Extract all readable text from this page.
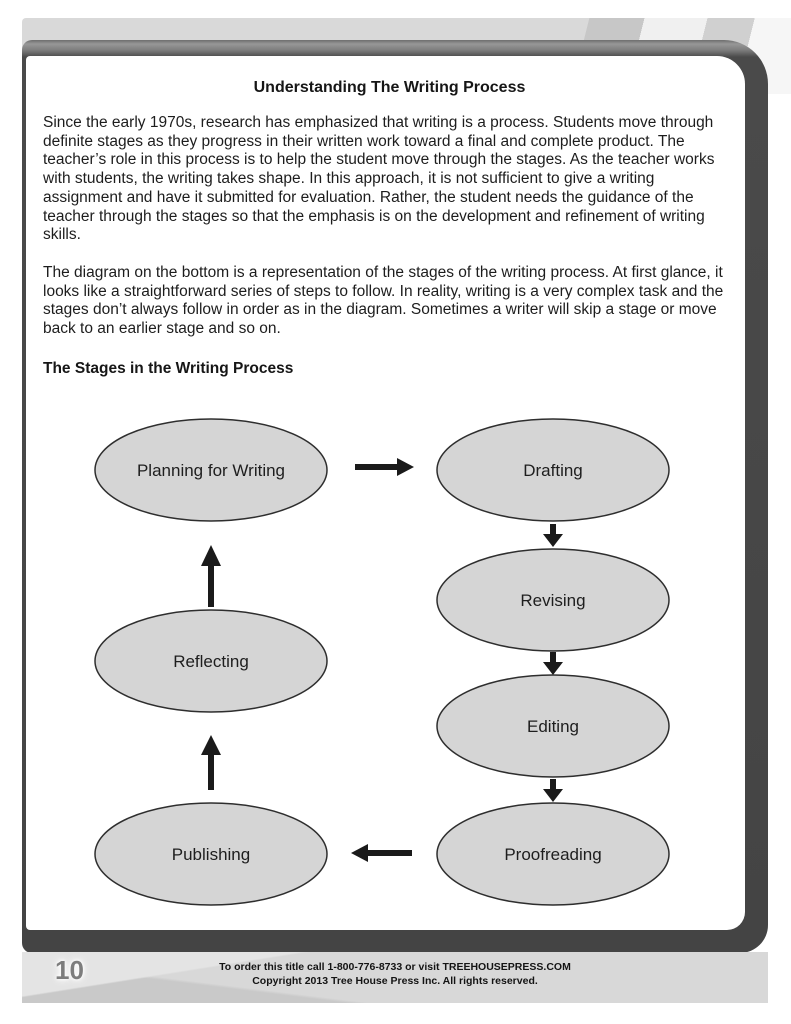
Understanding The Writing Process

Since the early 1970s, research has emphasized that writing is a process. Students move through definite stages as they progress in their written work toward a final and complete product. The teacher’s role in this process is to help the student move through the stages. As the teacher works with students, the writing takes shape. In this approach, it is not sufficient to give a writing assignment and have it submitted for evaluation. Rather, the student needs the guidance of the teacher through the stages so that the emphasis is on the development and refinement of writing skills.

The diagram on the bottom is a representation of the stages of the writing process. At first glance, it looks like a straightforward series of steps to follow. In reality, writing is a very complex task and the stages don’t always follow in order as in the diagram. Sometimes a writer will skip a stage or move back to an earlier stage and so on.

The Stages in the Writing Process
Planning for Writing	Drafting
Revising
Editing
Proofreading
Publishing
Reflecting
10	To order this title call 1-800-776-8733 or visit TREEHOUSEPRESS.COM
Copyright 2013 Tree House Press Inc. All rights reserved.
